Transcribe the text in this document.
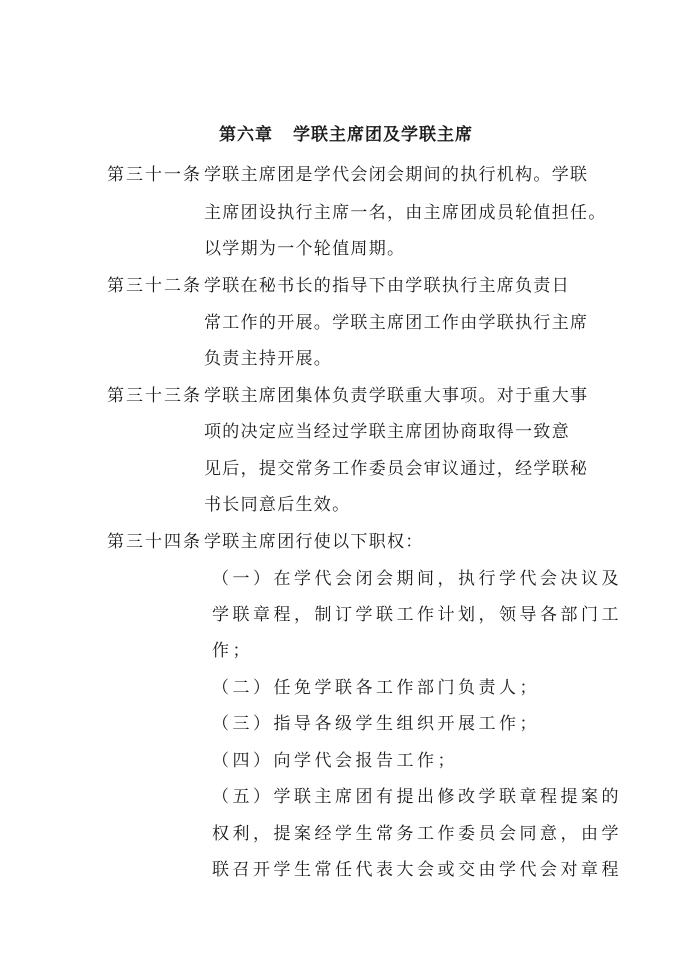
第六章 学联主席团及学联主席
第三十一条 学联主席团是学代会闭会期间的执行机构。学联
主席团设执行主席一名，由主席团成员轮值担任。
以学期为一个轮值周期。
第三十二条 学联在秘书长的指导下由学联执行主席负责日
常工作的开展。学联主席团工作由学联执行主席
负责主持开展。
第三十三条 学联主席团集体负责学联重大事项。对于重大事
项的决定应当经过学联主席团协商取得一致意
见后，提交常务工作委员会审议通过，经学联秘
书长同意后生效。
第三十四条 学联主席团行使以下职权：
（一）在学代会闭会期间，执行学代会决议及
学联章程，制订学联工作计划，领导各部门工
作；
（二）任免学联各工作部门负责人；
（三）指导各级学生组织开展工作；
（四）向学代会报告工作；
（五）学联主席团有提出修改学联章程提案的
权利，提案经学生常务工作委员会同意，由学
联召开学生常任代表大会或交由学代会对章程
